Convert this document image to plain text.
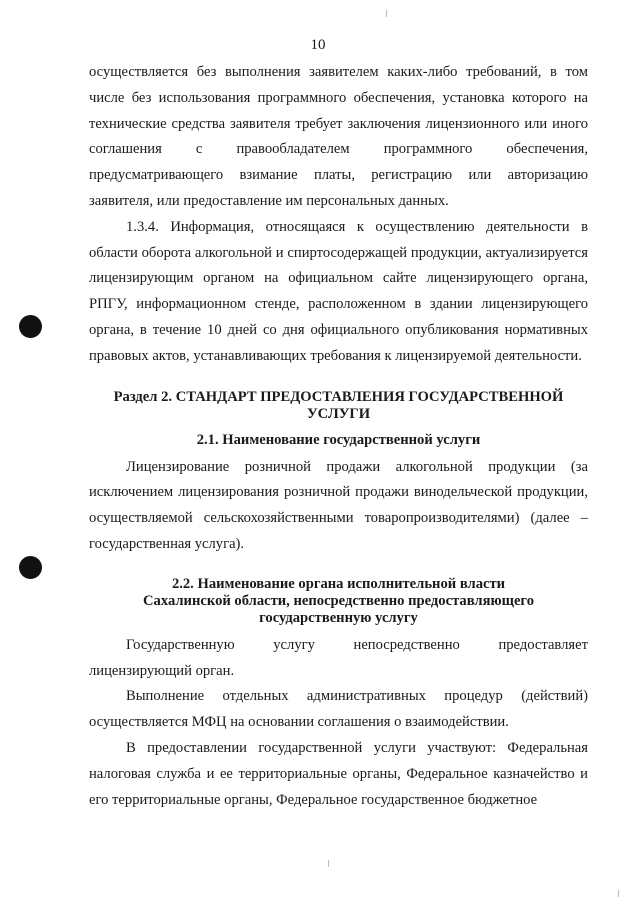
10

осуществляется без выполнения заявителем каких-либо требований, в том числе без использования программного обеспечения, установка которого на технические средства заявителя требует заключения лицензионного или иного соглашения с правообладателем программного обеспечения, предусматривающего взимание платы, регистрацию или авторизацию заявителя, или предоставление им персональных данных.

1.3.4. Информация, относящаяся к осуществлению деятельности в области оборота алкогольной и спиртосодержащей продукции, актуализируется лицензирующим органом на официальном сайте лицензирующего органа, РПГУ, информационном стенде, расположенном в здании лицензирующего органа, в течение 10 дней со дня официального опубликования нормативных правовых актов, устанавливающих требования к лицензируемой деятельности.

Раздел 2. СТАНДАРТ ПРЕДОСТАВЛЕНИЯ ГОСУДАРСТВЕННОЙ
УСЛУГИ

2.1. Наименование государственной услуги

Лицензирование розничной продажи алкогольной продукции (за исключением лицензирования розничной продажи винодельческой продукции, осуществляемой сельскохозяйственными товаропроизводителями) (далее – государственная услуга).

2.2. Наименование органа исполнительной власти
Сахалинской области, непосредственно предоставляющего
государственную услугу

Государственную услугу непосредственно предоставляет лицензирующий орган.

Выполнение отдельных административных процедур (действий) осуществляется МФЦ на основании соглашения о взаимодействии.

В предоставлении государственной услуги участвуют: Федеральная налоговая служба и ее территориальные органы, Федеральное казначейство и его территориальные органы, Федеральное государственное бюджетное
